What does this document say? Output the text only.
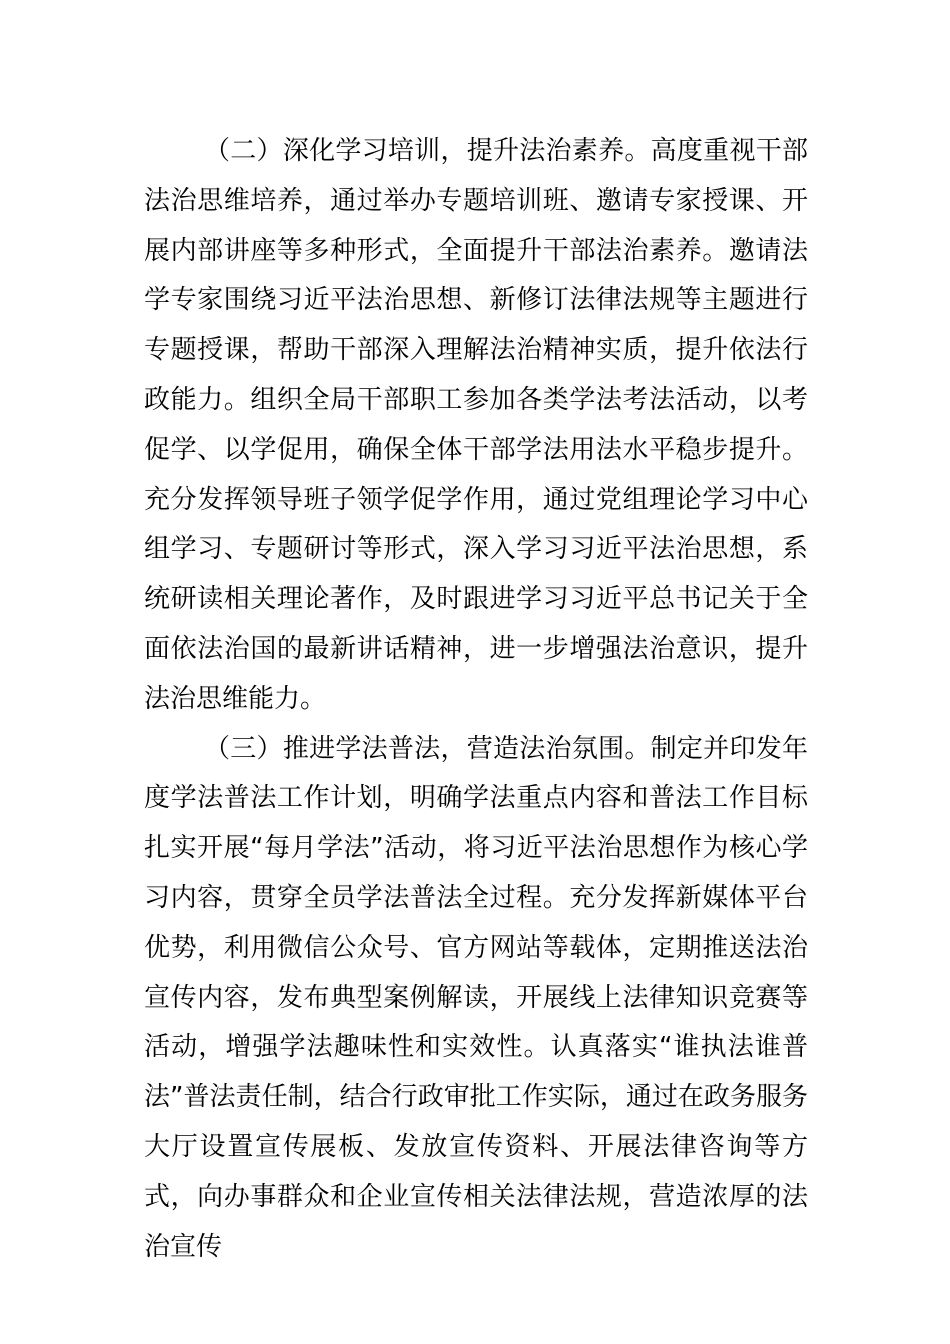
（二）深化学习培训，提升法治素养。高度重视干部法治思维培养，通过举办专题培训班、邀请专家授课、开展内部讲座等多种形式，全面提升干部法治素养。邀请法学专家围绕习近平法治思想、新修订法律法规等主题进行专题授课，帮助干部深入理解法治精神实质，提升依法行政能力。组织全局干部职工参加各类学法考法活动，以考促学、以学促用，确保全体干部学法用法水平稳步提升。充分发挥领导班子领学促学作用，通过党组理论学习中心组学习、专题研讨等形式，深入学习习近平法治思想，系统研读相关理论著作，及时跟进学习习近平总书记关于全面依法治国的最新讲话精神，进一步增强法治意识，提升法治思维能力。

（三）推进学法普法，营造法治氛围。制定并印发年度学法普法工作计划，明确学法重点内容和普法工作目标扎实开展“每月学法”活动，将习近平法治思想作为核心学习内容，贯穿全员学法普法全过程。充分发挥新媒体平台优势，利用微信公众号、官方网站等载体，定期推送法治宣传内容，发布典型案例解读，开展线上法律知识竞赛等活动，增强学法趣味性和实效性。认真落实“谁执法谁普法”普法责任制，结合行政审批工作实际，通过在政务服务大厅设置宣传展板、发放宣传资料、开展法律咨询等方式，向办事群众和企业宣传相关法律法规，营造浓厚的法治宣传
